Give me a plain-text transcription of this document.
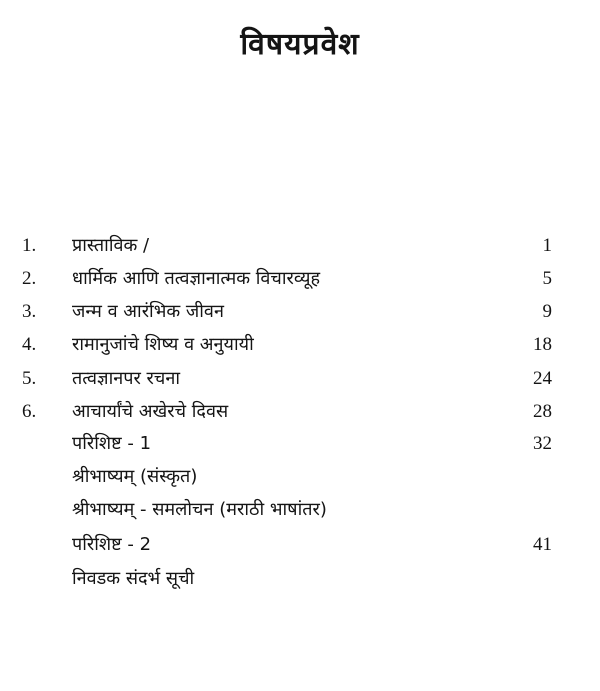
विषयप्रवेश
1. प्रास्ताविक /	1
2. धार्मिक आणि तत्वज्ञानात्मक विचारव्यूह	5
3. जन्म व आरंभिक जीवन	9
4. रामानुजांचे शिष्य व अनुयायी	18
5. तत्वज्ञानपर रचना	24
6. आचार्यांचे अखेरचे दिवस	28
परिशिष्ट - 1	32
श्रीभाष्यम् (संस्कृत)
श्रीभाष्यम् - समलोचन (मराठी भाषांतर)
परिशिष्ट - 2	41
निवडक संदर्भ सूची
